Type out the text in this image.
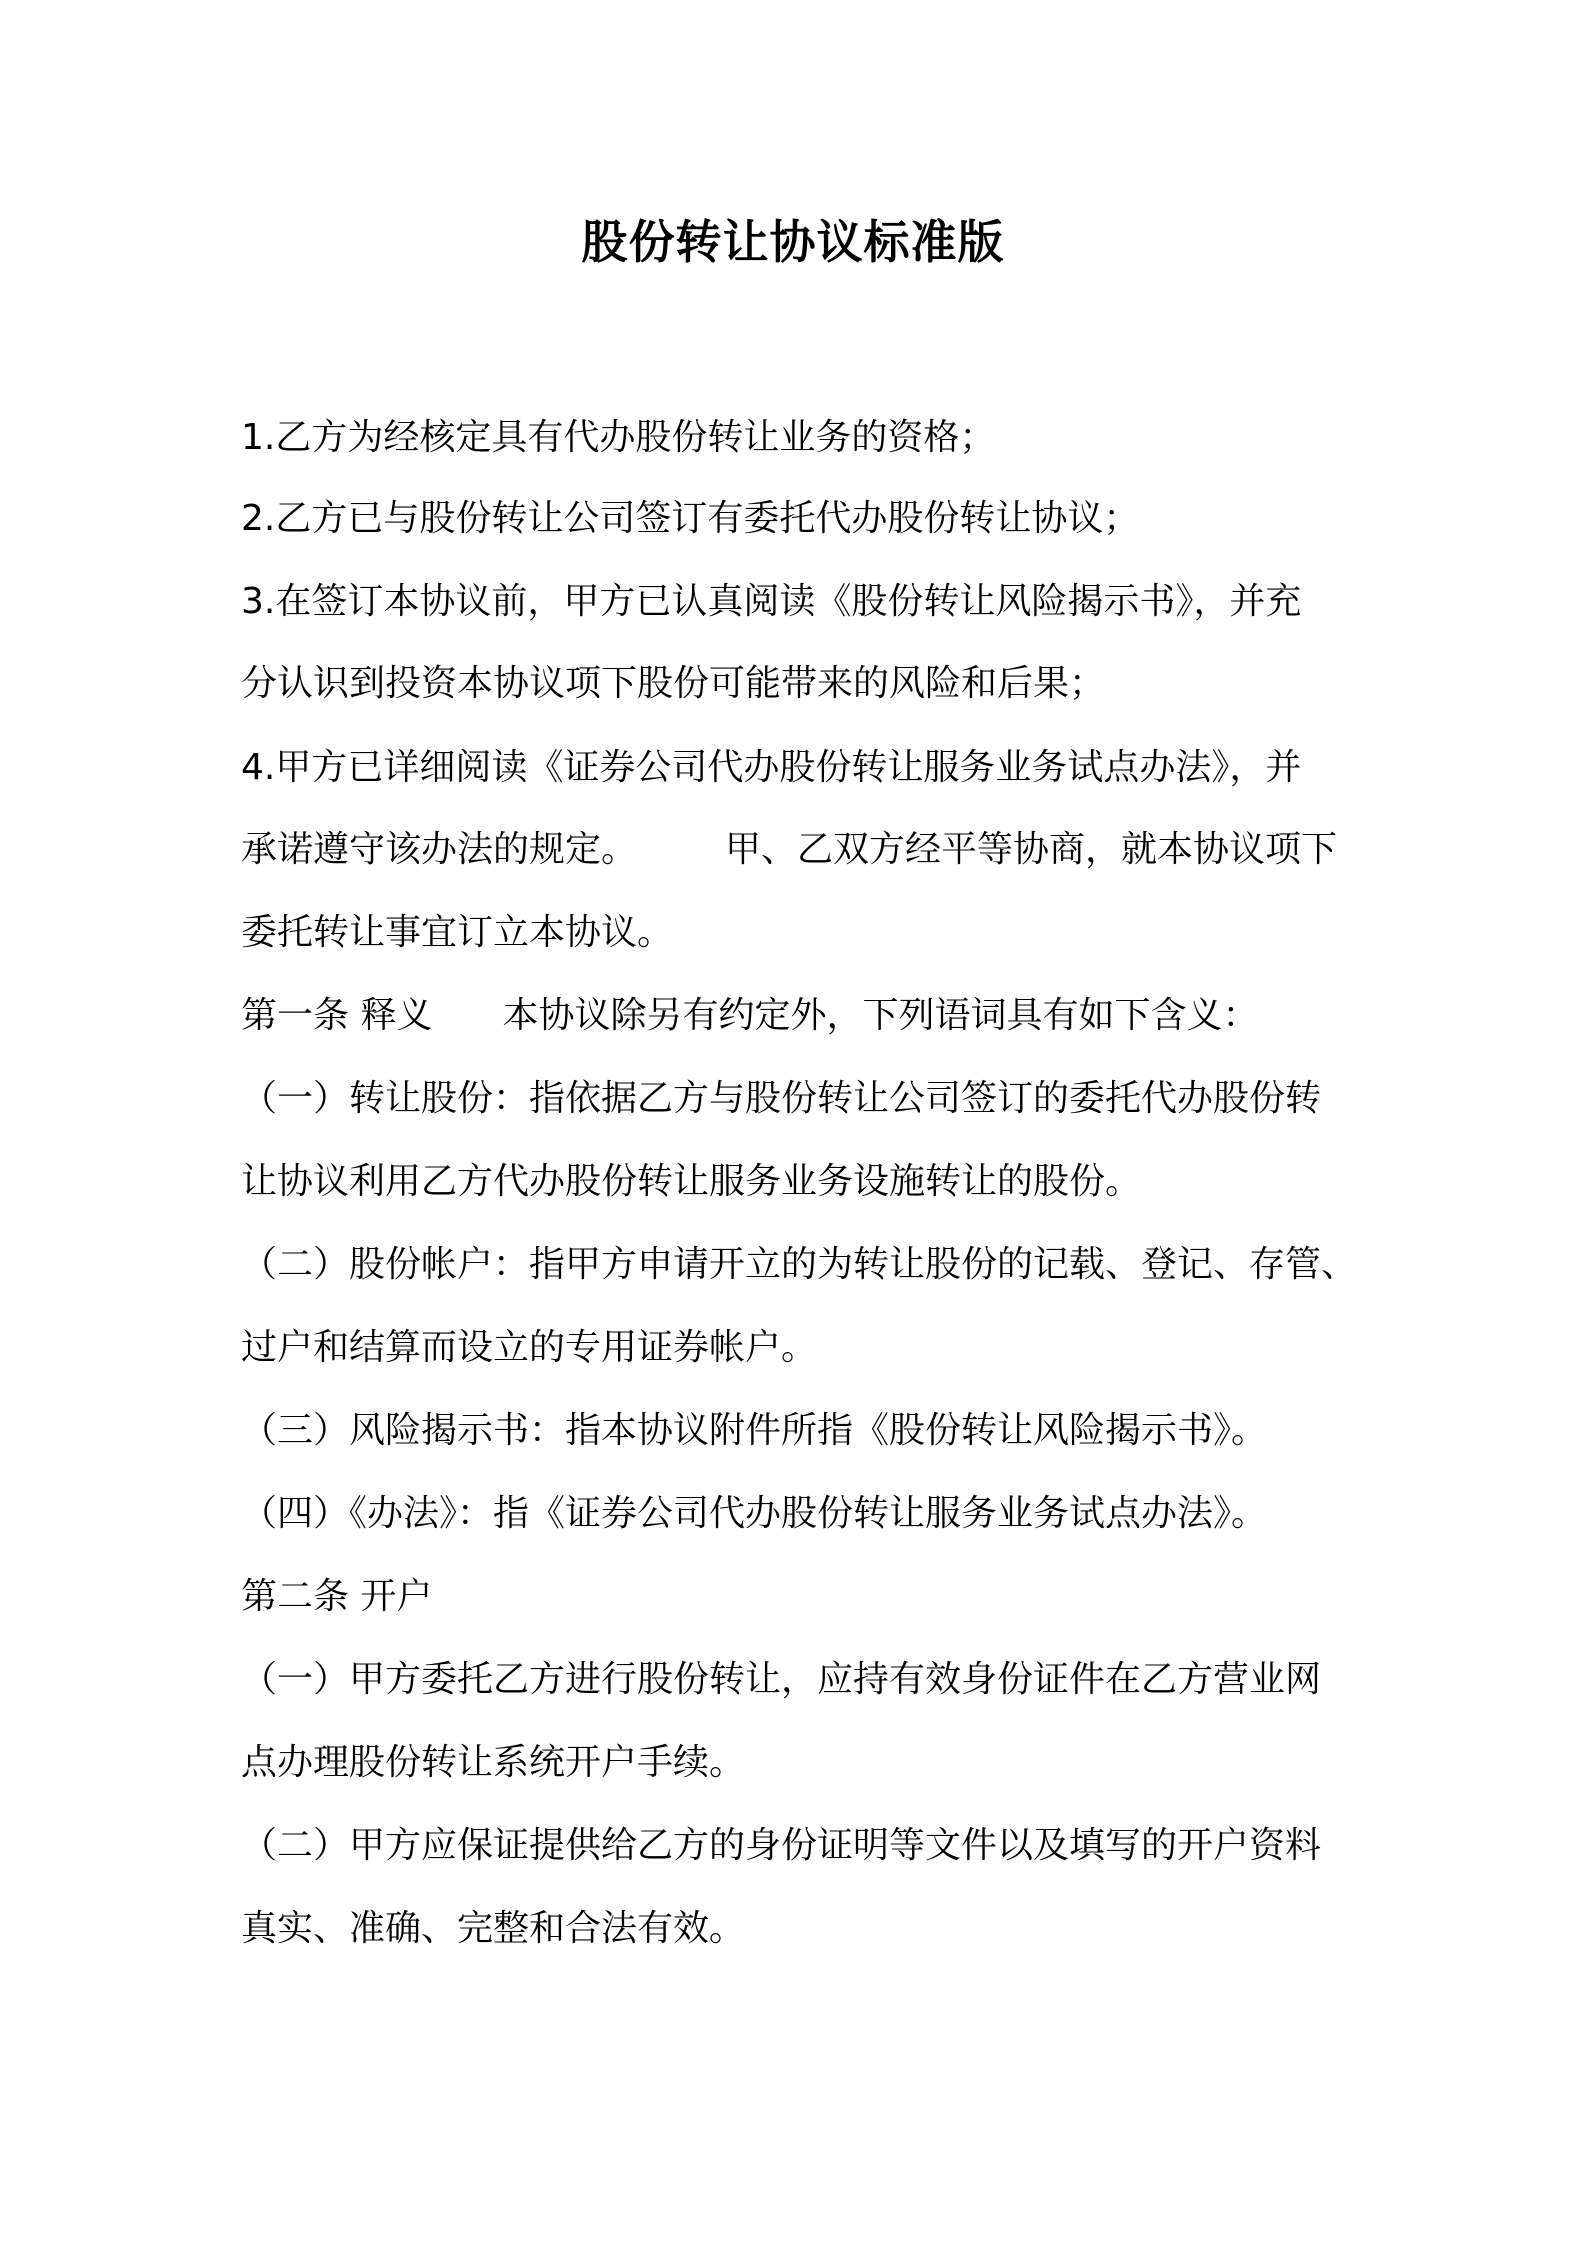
股份转让协议标准版
1.乙方为经核定具有代办股份转让业务的资格；
2.乙方已与股份转让公司签订有委托代办股份转让协议；
3.在签订本协议前，甲方已认真阅读《股份转让风险揭示书》，并充
分认识到投资本协议项下股份可能带来的风险和后果；
4.甲方已详细阅读《证券公司代办股份转让服务业务试点办法》，并
承诺遵守该办法的规定。 甲、乙双方经平等协商，就本协议项下
委托转让事宜订立本协议。
第一条 释义 本协议除另有约定外，下列语词具有如下含义：
（一）转让股份：指依据乙方与股份转让公司签订的委托代办股份转
让协议利用乙方代办股份转让服务业务设施转让的股份。
（二）股份帐户：指甲方申请开立的为转让股份的记载、登记、存管、
过户和结算而设立的专用证券帐户。
（三）风险揭示书：指本协议附件所指《股份转让风险揭示书》。
（四）《办法》：指《证券公司代办股份转让服务业务试点办法》。
第二条 开户
（一）甲方委托乙方进行股份转让，应持有效身份证件在乙方营业网
点办理股份转让系统开户手续。
（二）甲方应保证提供给乙方的身份证明等文件以及填写的开户资料
真实、准确、完整和合法有效。
